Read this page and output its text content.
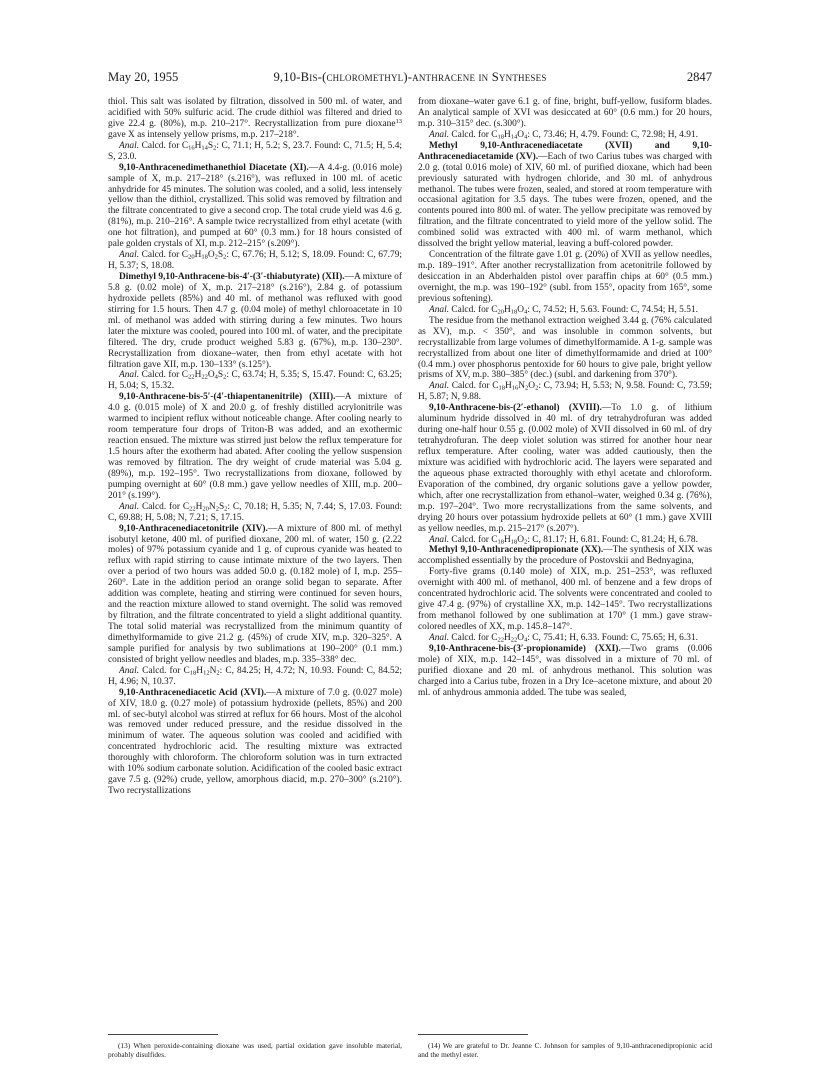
May 20, 1955	9,10-Bis-(chloromethyl)-anthracene in Syntheses	2847

thiol. This salt was isolated by filtration, dissolved in 500 ml. of water, and acidified with 50% sulfuric acid. The crude dithiol was filtered and dried to give 22.4 g. (80%), m.p. 210–217°. Recrystallization from pure dioxane$^{13}$ gave X as intensely yellow prisms, m.p. 217–218°.

Anal. Calcd. for $C_{16}H_{14}S_2$: C, 71.1; H, 5.2; S, 23.7. Found: C, 71.5; H, 5.4; S, 23.0.

9,10-Anthracenedimethanethiol Diacetate (XI).—A 4.4-g. (0.016 mole) sample of X, m.p. 217–218° (s.216°), was refluxed in 100 ml. of acetic anhydride for 45 minutes. The solution was cooled, and a solid, less intensely yellow than the dithiol, crystallized. This solid was removed by filtration and the filtrate concentrated to give a second crop. The total crude yield was 4.6 g. (81%), m.p. 210–216°. A sample twice recrystallized from ethyl acetate (with one hot filtration), and pumped at 60° (0.3 mm.) for 18 hours consisted of pale golden crystals of XI, m.p. 212–215° (s.209°).

Anal. Calcd. for $C_{20}H_{18}O_2S_2$: C, 67.76; H, 5.12; S, 18.09. Found: C, 67.79; H, 5.37; S, 18.08.

Dimethyl 9,10-Anthracene-bis-4′-(3′-thiabutyrate) (XII).—A mixture of 5.8 g. (0.02 mole) of X, m.p. 217–218° (s.216°), 2.84 g. of potassium hydroxide pellets (85%) and 40 ml. of methanol was refluxed with good stirring for 1.5 hours. Then 4.7 g. (0.04 mole) of methyl chloroacetate in 10 ml. of methanol was added with stirring during a few minutes. Two hours later the mixture was cooled, poured into 100 ml. of water, and the precipitate filtered. The dry, crude product weighed 5.83 g. (67%), m.p. 130–230°. Recrystallization from dioxane–water, then from ethyl acetate with hot filtration gave XII, m.p. 130–133° (s.125°).

Anal. Calcd. for $C_{22}H_{22}O_4S_2$: C, 63.74; H, 5.35; S, 15.47. Found: C, 63.25; H, 5.04; S, 15.32.

9,10-Anthracene-bis-5′-(4′-thiapentanenitrile) (XIII).—A mixture of 4.0 g. (0.015 mole) of X and 20.0 g. of freshly distilled acrylonitrile was warmed to incipient reflux without noticeable change. After cooling nearly to room temperature four drops of Triton-B was added, and an exothermic reaction ensued. The mixture was stirred just below the reflux temperature for 1.5 hours after the exotherm had abated. After cooling the yellow suspension was removed by filtration. The dry weight of crude material was 5.04 g. (89%), m.p. 192–195°. Two recrystallizations from dioxane, followed by pumping overnight at 60° (0.8 mm.) gave yellow needles of XIII, m.p. 200–201° (s.199°).

Anal. Calcd. for $C_{22}H_{20}N_2S_2$: C, 70.18; H, 5.35; N, 7.44; S, 17.03. Found: C, 69.88; H, 5.08; N, 7.21; S, 17.15.

9,10-Anthracenediacetonitrile (XIV).—A mixture of 800 ml. of methyl isobutyl ketone, 400 ml. of purified dioxane, 200 ml. of water, 150 g. (2.22 moles) of 97% potassium cyanide and 1 g. of cuprous cyanide was heated to reflux with rapid stirring to cause intimate mixture of the two layers. Then over a period of two hours was added 50.0 g. (0.182 mole) of I, m.p. 255–260°. Late in the addition period an orange solid began to separate. After addition was complete, heating and stirring were continued for seven hours, and the reaction mixture allowed to stand overnight. The solid was removed by filtration, and the filtrate concentrated to yield a slight additional quantity. The total solid material was recrystallized from the minimum quantity of dimethylformamide to give 21.2 g. (45%) of crude XIV, m.p. 320–325°. A sample purified for analysis by two sublimations at 190–200° (0.1 mm.) consisted of bright yellow needles and blades, m.p. 335–338° dec.

Anal. Calcd. for $C_{18}H_{12}N_2$: C, 84.25; H, 4.72; N, 10.93. Found: C, 84.52; H, 4.96; N, 10.37.

9,10-Anthracenediacetic Acid (XVI).—A mixture of 7.0 g. (0.027 mole) of XIV, 18.0 g. (0.27 mole) of potassium hydroxide (pellets, 85%) and 200 ml. of sec-butyl alcohol was stirred at reflux for 66 hours. Most of the alcohol was removed under reduced pressure, and the residue dissolved in the minimum of water. The aqueous solution was cooled and acidified with concentrated hydrochloric acid. The resulting mixture was extracted thoroughly with chloroform. The chloroform solution was in turn extracted with 10% sodium carbonate solution. Acidification of the cooled basic extract gave 7.5 g. (92%) crude, yellow, amorphous diacid, m.p. 270–300° (s.210°). Two recrystallizations

from dioxane–water gave 6.1 g. of fine, bright, buff-yellow, fusiform blades. An analytical sample of XVI was desiccated at 60° (0.6 mm.) for 20 hours, m.p. 310–315° dec. (s.300°).

Anal. Calcd. for $C_{18}H_{14}O_4$: C, 73.46; H, 4.79. Found: C, 72.98; H, 4.91.

Methyl 9,10-Anthracenediacetate (XVII) and 9,10-Anthracenediacetamide (XV).—Each of two Carius tubes was charged with 2.0 g. (total 0.016 mole) of XIV, 60 ml. of purified dioxane, which had been previously saturated with hydrogen chloride, and 30 ml. of anhydrous methanol. The tubes were frozen, sealed, and stored at room temperature with occasional agitation for 3.5 days. The tubes were frozen, opened, and the contents poured into 800 ml. of water. The yellow precipitate was removed by filtration, and the filtrate concentrated to yield more of the yellow solid. The combined solid was extracted with 400 ml. of warm methanol, which dissolved the bright yellow material, leaving a buff-colored powder.

Concentration of the filtrate gave 1.01 g. (20%) of XVII as yellow needles, m.p. 189–191°. After another recrystallization from acetonitrile followed by desiccation in an Abderhalden pistol over paraffin chips at 60° (0.5 mm.) overnight, the m.p. was 190–192° (subl. from 155°, opacity from 165°, some previous softening).

Anal. Calcd. for $C_{20}H_{18}O_4$: C, 74.52; H, 5.63. Found: C, 74.54; H, 5.51.

The residue from the methanol extraction weighed 3.44 g. (76% calculated as XV), m.p. < 350°, and was insoluble in common solvents, but recrystallizable from large volumes of dimethylformamide. A 1-g. sample was recrystallized from about one liter of dimethylformamide and dried at 100° (0.4 mm.) over phosphorus pentoxide for 60 hours to give pale, bright yellow prisms of XV, m.p. 380–385° (dec.) (subl. and darkening from 370°).

Anal. Calcd. for $C_{18}H_{16}N_2O_2$: C, 73.94; H, 5.53; N, 9.58. Found: C, 73.59; H, 5.87; N, 9.88.

9,10-Anthracene-bis-(2′-ethanol) (XVIII).—To 1.0 g. of lithium aluminum hydride dissolved in 40 ml. of dry tetrahydrofuran was added during one-half hour 0.55 g. (0.002 mole) of XVII dissolved in 60 ml. of dry tetrahydrofuran. The deep violet solution was stirred for another hour near reflux temperature. After cooling, water was added cautiously, then the mixture was acidified with hydrochloric acid. The layers were separated and the aqueous phase extracted thoroughly with ethyl acetate and chloroform. Evaporation of the combined, dry organic solutions gave a yellow powder, which, after one recrystallization from ethanol–water, weighed 0.34 g. (76%), m.p. 197–204°. Two more recrystallizations from the same solvents, and drying 20 hours over potassium hydroxide pellets at 60° (1 mm.) gave XVIII as yellow needles, m.p. 215–217° (s.207°).

Anal. Calcd. for $C_{18}H_{18}O_2$: C, 81.17; H, 6.81. Found: C, 81.24; H, 6.78.

Methyl 9,10-Anthracenedipropionate (XX).—The synthesis of XIX was accomplished essentially by the procedure of Postovskii and Bednyagina,

Forty-five grams (0.140 mole) of XIX, m.p. 251–253°, was refluxed overnight with 400 ml. of methanol, 400 ml. of benzene and a few drops of concentrated hydrochloric acid. The solvents were concentrated and cooled to give 47.4 g. (97%) of crystalline XX, m.p. 142–145°. Two recrystallizations from methanol followed by one sublimation at 170° (1 mm.) gave straw-colored needles of XX, m.p. 145.8–147°.

Anal. Calcd. for $C_{22}H_{22}O_4$: C, 75.41; H, 6.33. Found: C, 75.65; H, 6.31.

9,10-Anthracene-bis-(3′-propionamide) (XXI).—Two grams (0.006 mole) of XIX, m.p. 142–145°, was dissolved in a mixture of 70 ml. of purified dioxane and 20 ml. of anhydrous methanol. This solution was charged into a Carius tube, frozen in a Dry Ice–acetone mixture, and about 20 ml. of anhydrous ammonia added. The tube was sealed,

(13) When peroxide-containing dioxane was used, partial oxidation gave insoluble material, probably disulfides.

(14) We are grateful to Dr. Jeanne C. Johnson for samples of 9,10-anthracenedipropionic acid and the methyl ester.
